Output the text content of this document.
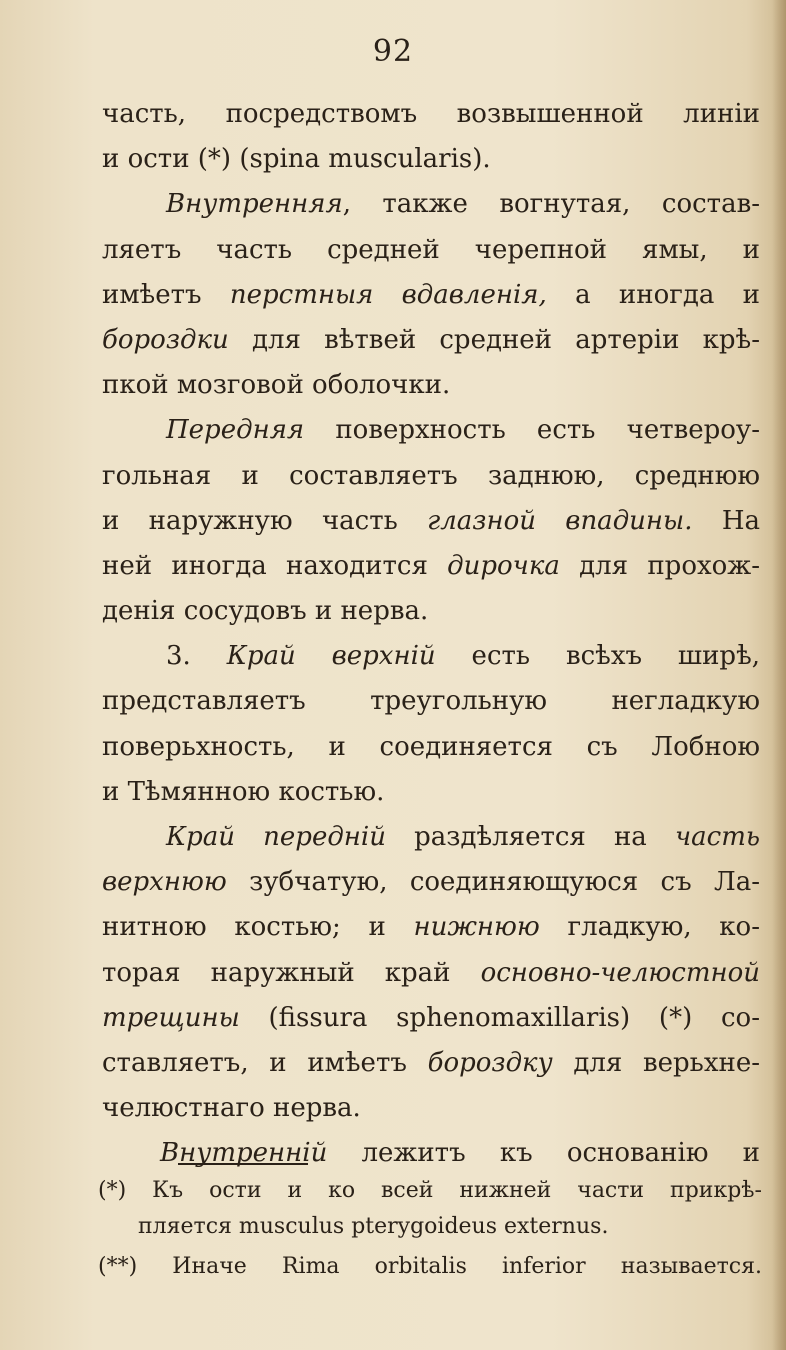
92
часть, посредствомъ возвышенной линіи
и ости (*) (spina muscularis).
Внутренняя, также вогнутая, состав-
ляетъ часть средней черепной ямы, и
имѣетъ перстныя вдавленія, а иногда и
бороздки для вѣтвей средней артеріи крѣ-
пкой мозговой оболочки.
Передняя поверхность есть четвероу-
гольная и составляетъ заднюю, среднюю
и наружную часть глазной впадины. На
ней иногда находится дирочка для прохож-
денія сосудовъ и нерва.
3. Край верхній есть всѣхъ ширѣ,
представляетъ треугольную негладкую
поверьхность, и соединяется съ Лобною
и Тѣмянною костью.
Край передній раздѣляется на часть
верхнюю зубчатую, соединяющуюся съ Ла-
нитною костью; и нижнюю гладкую, ко-
торая наружный край основно-челюстной
трещины (fissura sphenomaxillaris) (*) со-
ставляетъ, и имѣетъ бороздку для верьхне-
челюстнаго нерва.
Внутренній лежитъ къ основанію и
(*) Къ ости и ко всей нижней части прикрѣ-
пляется musculus pterygoideus externus.
(**) Иначе Rima orbitalis inferior называется.
